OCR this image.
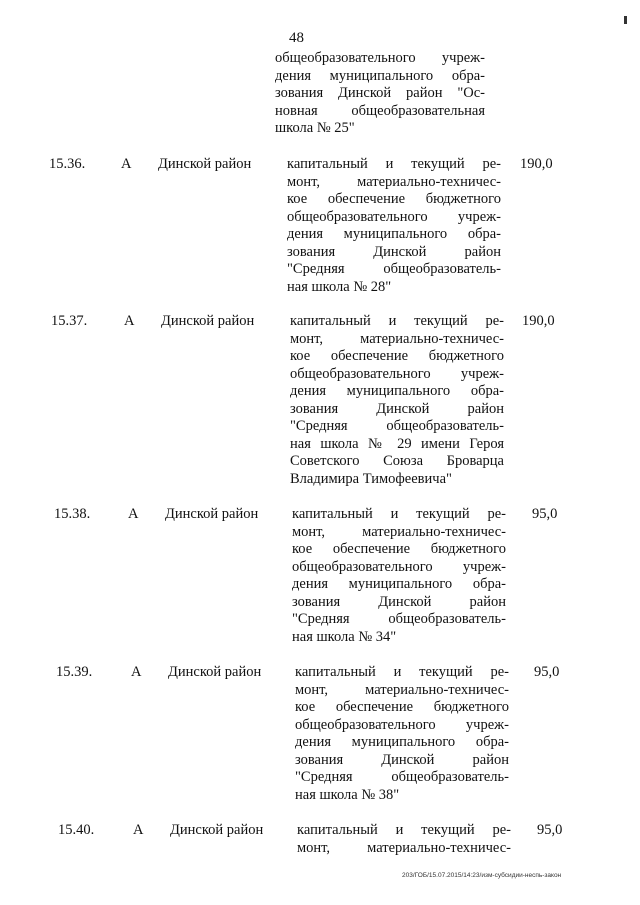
48
общеобразовательного учреж-
дения муниципального обра-
зования Динской район "Ос-
новная общеобразовательная
школа № 25"
15.36. А Динской район капитальный и текущий ре-
монт, материально-техничес-
кое обеспечение бюджетного
общеобразовательного учреж-
дения муниципального обра-
зования Динской район
"Средняя общеобразователь-
ная школа № 28"
190,0
15.37.	А Динской район капитальный и текущий ре-
монт, материально-техничес-
кое обеспечение бюджетного
общеобразовательного учреж-
дения муниципального обра-
зования Динской район
"Средняя общеобразователь-
ная школа № 29 имени Героя
Советского Союза Броварца
Владимира Тимофеевича"
190,0
15.38.	А Динской район капитальный и текущий ре-
монт, материально-техничес-
кое обеспечение бюджетного
общеобразовательного учреж-
дения муниципального обра-
зования Динской район
"Средняя общеобразователь-
ная школа № 34"
95,0
15.39.	А Динской район капитальный и текущий ре-
монт, материально-техничес-
кое обеспечение бюджетного
общеобразовательного учреж-
дения муниципального обра-
зования Динской район
"Средняя общеобразователь-
ная школа № 38"
95,0
15.40.	А Динской район капитальный и текущий ре-
монт, материально-техничес-
95,0
203/ГОБ/15.07.2015/14:23/изм-субсидии-неспь-закон
